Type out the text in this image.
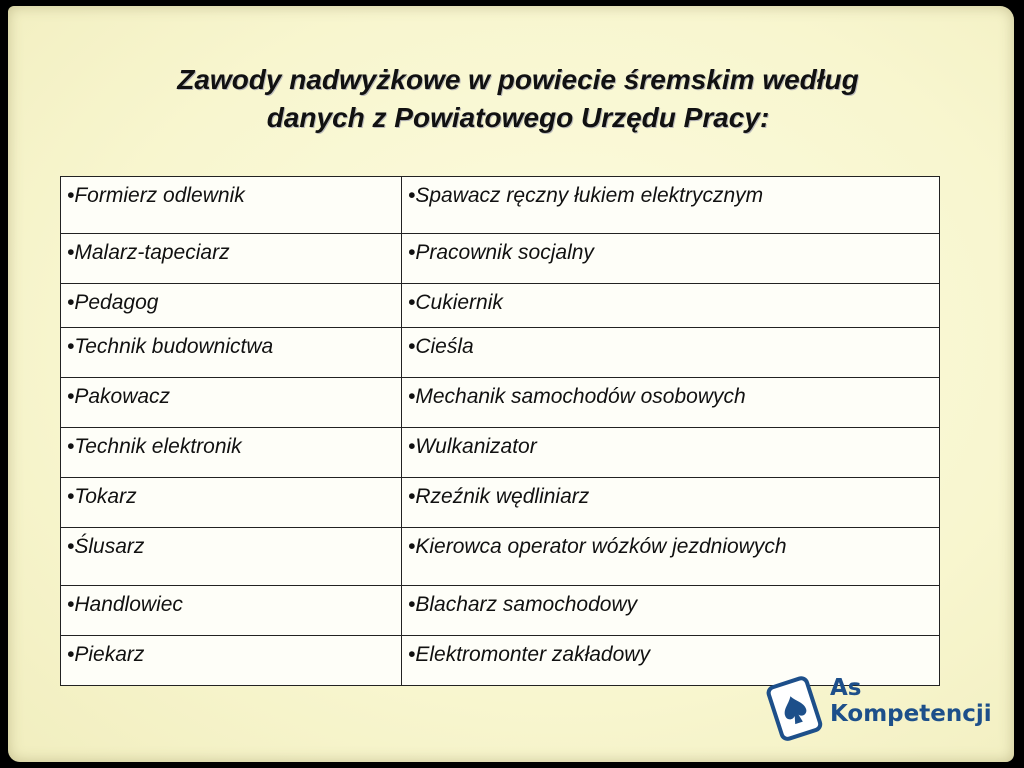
Zawody nadwyżkowe w powiecie śremskim według
danych z Powiatowego Urzędu Pracy:
•Formierz odlewnik	•Spawacz ręczny łukiem elektrycznym
•Malarz-tapeciarz	•Pracownik socjalny
•Pedagog	•Cukiernik
•Technik budownictwa	•Cieśla
•Pakowacz	•Mechanik samochodów osobowych
•Technik elektronik	•Wulkanizator
•Tokarz	•Rzeźnik wędliniarz
•Ślusarz	•Kierowca operator wózków jezdniowych
•Handlowiec	•Blacharz samochodowy
•Piekarz	•Elektromonter zakładowy
As
Kompetencji
